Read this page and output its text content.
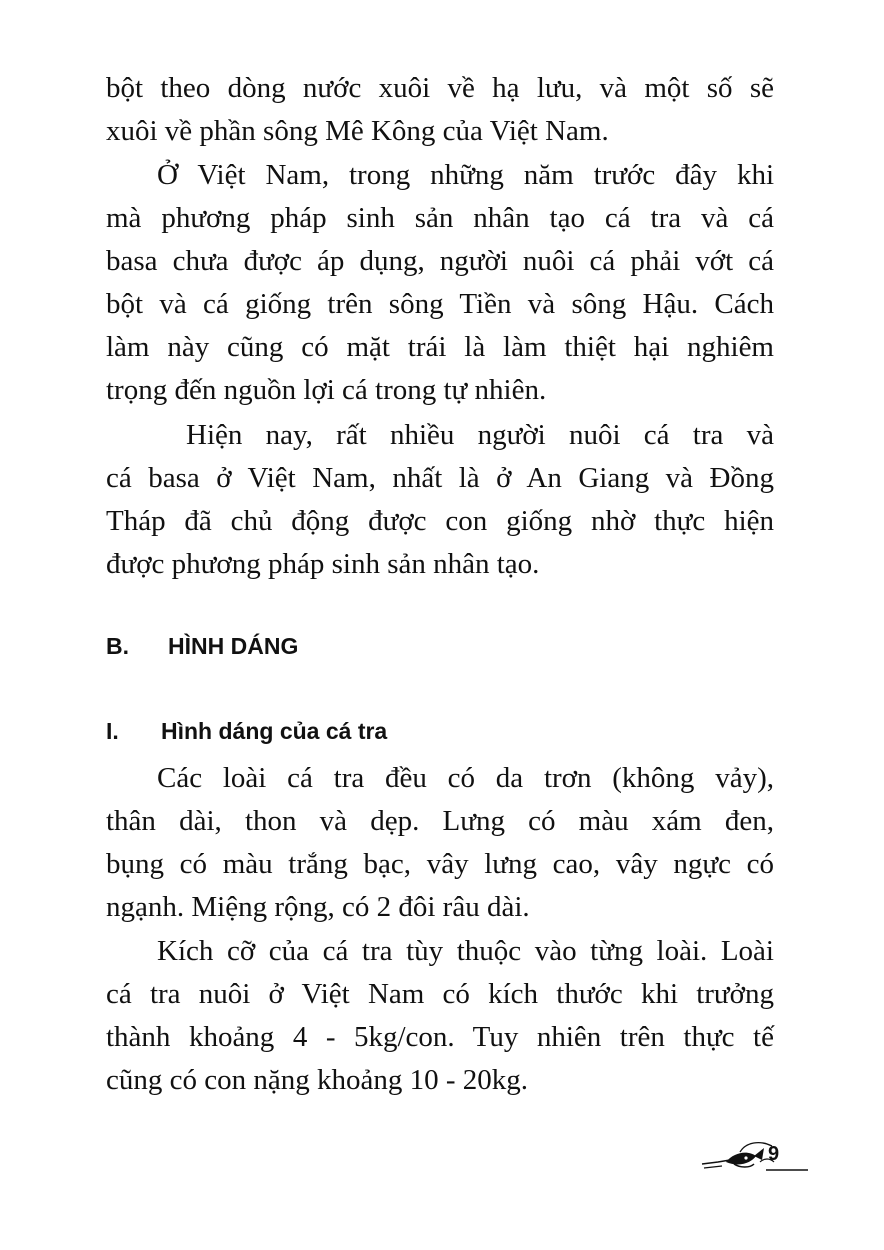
bột theo dòng nước xuôi về hạ lưu, và một số sẽ
xuôi về phần sông Mê Kông của Việt Nam.
Ở Việt Nam, trong những năm trước đây khi
mà phương pháp sinh sản nhân tạo cá tra và cá
basa chưa được áp dụng, người nuôi cá phải vớt cá
bột và cá giống trên sông Tiền và sông Hậu. Cách
làm này cũng có mặt trái là làm thiệt hại nghiêm
trọng đến nguồn lợi cá trong tự nhiên.
Hiện nay, rất nhiều người nuôi cá tra và
cá basa ở Việt Nam, nhất là ở An Giang và Đồng
Tháp đã chủ động được con giống nhờ thực hiện
được phương pháp sinh sản nhân tạo.
B. HÌNH DÁNG
I. Hình dáng của cá tra
Các loài cá tra đều có da trơn (không vảy),
thân dài, thon và dẹp. Lưng có màu xám đen,
bụng có màu trắng bạc, vây lưng cao, vây ngực có
ngạnh. Miệng rộng, có 2 đôi râu dài.
Kích cỡ của cá tra tùy thuộc vào từng loài. Loài
cá tra nuôi ở Việt Nam có kích thước khi trưởng
thành khoảng 4 - 5kg/con. Tuy nhiên trên thực tế
cũng có con nặng khoảng 10 - 20kg.
9
